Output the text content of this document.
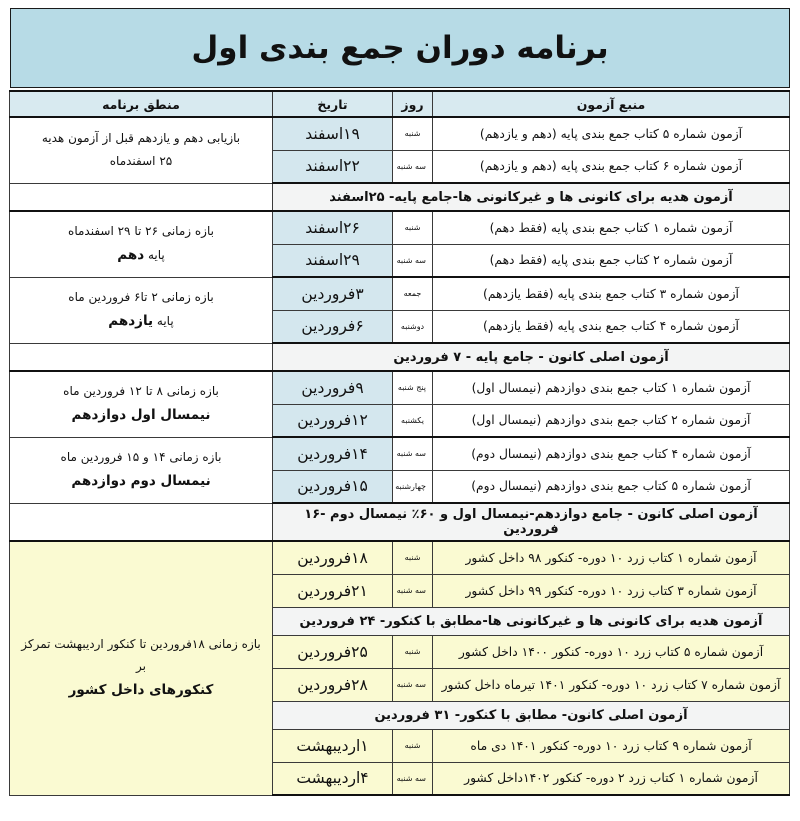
برنامه دوران جمع بندی اول
منبع آزمون	روز	تاریخ	منطق برنامه
آزمون شماره ۵ کتاب جمع بندی پایه (دهم و یازدهم)	شنبه	۱۹اسفند	بازیابی دهم و یازدهم قبل از آزمون هدیه
۲۵ اسفندماه

آزمون شماره ۶ کتاب جمع بندی پایه (دهم و یازدهم)	سه شنبه	۲۲اسفند	
آزمون هدیه برای کانونی ها و غیرکانونی ها-جامع پایه- ۲۵اسفند			
آزمون شماره ۱ کتاب جمع بندی پایه (فقط دهم)	شنبه	۲۶اسفند	بازه زمانی ۲۶ تا ۲۹ اسفندماه
پایه دهم

آزمون شماره ۲ کتاب جمع بندی پایه (فقط دهم)	سه شنبه	۲۹اسفند	
آزمون شماره ۳ کتاب جمع بندی پایه (فقط یازدهم)	جمعه	۳فروردین	بازه زمانی ۲ تا۶ فروردین ماه
پایه یازدهم

آزمون شماره ۴ کتاب جمع بندی پایه (فقط یازدهم)	دوشنبه	۶فروردین	
آزمون اصلی کانون - جامع پایه - ۷ فروردین			
آزمون شماره ۱ کتاب جمع بندی دوازدهم (نیمسال اول)	پنج شنبه	۹فروردین	بازه زمانی ۸ تا ۱۲ فروردین ماه
نیمسال اول دوازدهم

آزمون شماره ۲ کتاب جمع بندی دوازدهم (نیمسال اول)	یکشنبه	۱۲فروردین	
آزمون شماره ۴ کتاب جمع بندی دوازدهم (نیمسال دوم)	سه شنبه	۱۴فروردین	بازه زمانی ۱۴ و ۱۵ فروردین ماه
نیمسال دوم دوازدهم

آزمون شماره ۵ کتاب جمع بندی دوازدهم (نیمسال دوم)	چهارشنبه	۱۵فروردین	
آزمون اصلی کانون - جامع دوازدهم-نیمسال اول و ۶۰٪ نیمسال دوم -۱۶ فروردین			
آزمون شماره ۱ کتاب زرد ۱۰ دوره- کنکور ۹۸ داخل کشور	شنبه	۱۸فروردین	بازه زمانی ۱۸فروردین تا کنکور اردیبهشت تمرکز بر
کنکورهای داخل کشور

آزمون شماره ۳ کتاب زرد ۱۰ دوره- کنکور ۹۹ داخل کشور	سه شنبه	۲۱فروردین	
آزمون هدیه برای کانونی ها و غیرکانونی ها-مطابق با کنکور- ۲۴ فروردین			
آزمون شماره ۵ کتاب زرد ۱۰ دوره- کنکور ۱۴۰۰ داخل کشور	شنبه	۲۵فروردین	
آزمون شماره ۷ کتاب زرد ۱۰ دوره- کنکور ۱۴۰۱ تیرماه داخل کشور	سه شنبه	۲۸فروردین	
آزمون اصلی کانون- مطابق با کنکور- ۳۱ فروردین			
آزمون شماره ۹ کتاب زرد ۱۰ دوره- کنکور ۱۴۰۱ دی ماه	شنبه	۱اردیبهشت	
آزمون شماره ۱ کتاب زرد ۲ دوره- کنکور ۱۴۰۲داخل کشور	سه شنبه	۴اردیبهشت	
